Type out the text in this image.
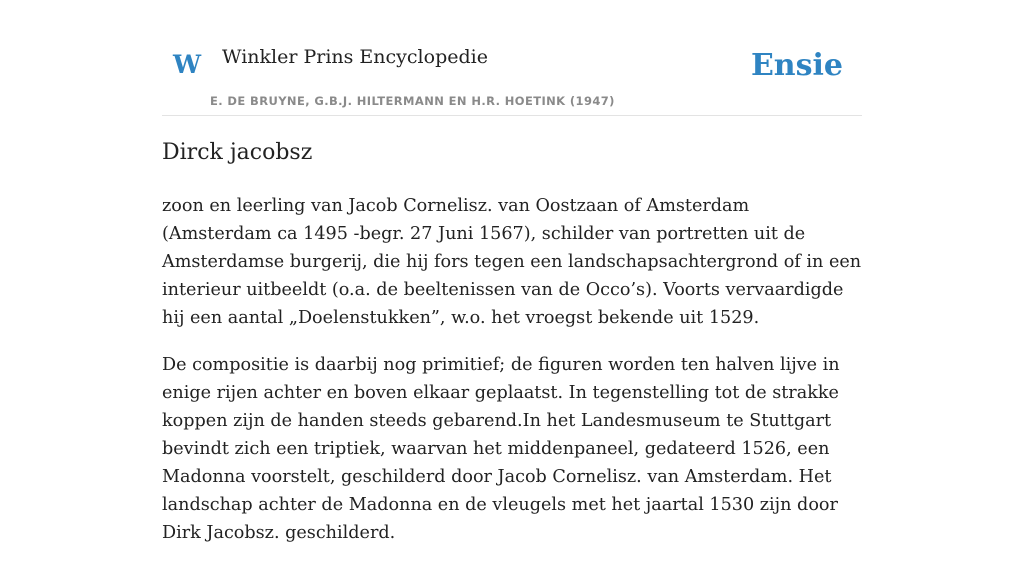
W Winkler Prins Encyclopedie
E. DE BRUYNE, G.B.J. HILTERMANN EN H.R. HOETINK (1947)
Ensie
Dirck jacobsz

zoon en leerling van Jacob Cornelisz. van Oostzaan of Amsterdam (Amsterdam ca 1495 -begr. 27 Juni 1567), schilder van portretten uit de Amsterdamse burgerij, die hij fors tegen een landschapsachtergrond of in een interieur uitbeeldt (o.a. de beeltenissen van de Occo’s). Voorts vervaardigde hij een aantal „Doelenstukken”, w.o. het vroegst bekende uit 1529.

De compositie is daarbij nog primitief; de figuren worden ten halven lijve in enige rijen achter en boven elkaar geplaatst. In tegenstelling tot de strakke koppen zijn de handen steeds gebarend.In het Landesmuseum te Stuttgart bevindt zich een triptiek, waarvan het middenpaneel, gedateerd 1526, een Madonna voorstelt, geschilderd door Jacob Cornelisz. van Amsterdam. Het landschap achter de Madonna en de vleugels met het jaartal 1530 zijn door Dirk Jacobsz. geschilderd.
